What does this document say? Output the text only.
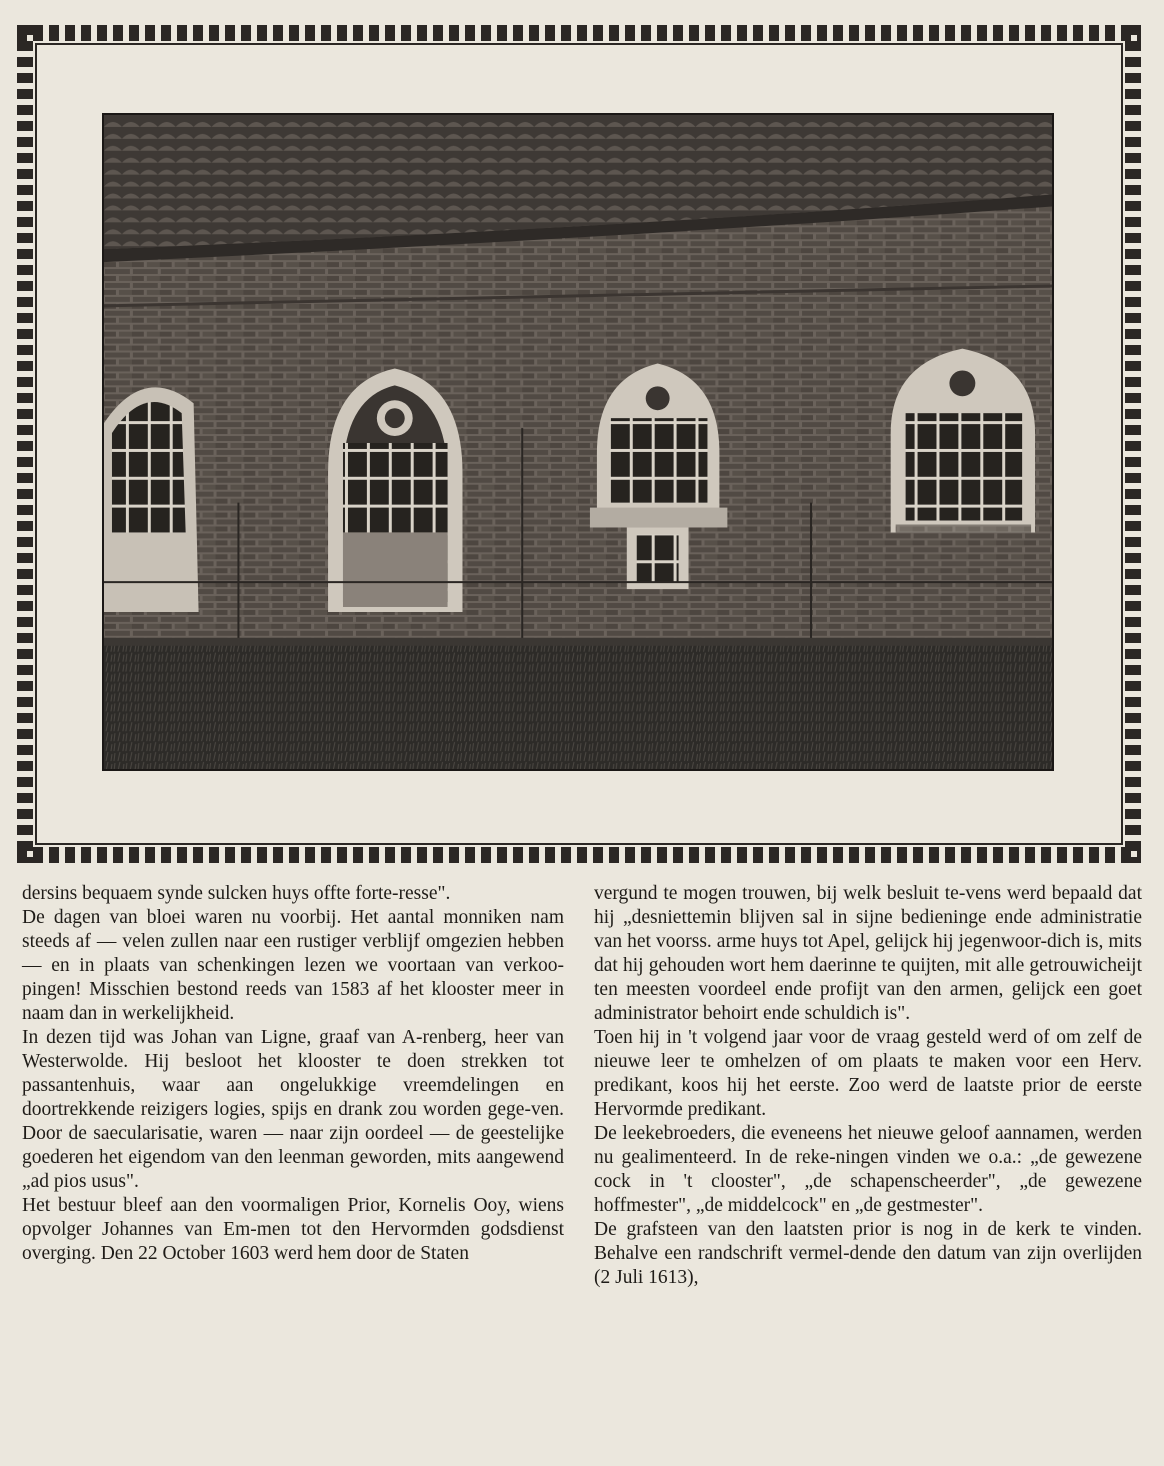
dersins bequaem synde sulcken huys offte forte-resse".

De dagen van bloei waren nu voorbij. Het aantal monniken nam steeds af — velen zullen naar een rustiger verblijf omgezien hebben — en in plaats van schenkingen lezen we voortaan van verkoo-pingen! Misschien bestond reeds van 1583 af het klooster meer in naam dan in werkelijkheid.

In dezen tijd was Johan van Ligne, graaf van A-renberg, heer van Westerwolde. Hij besloot het klooster te doen strekken tot passantenhuis, waar aan ongelukkige vreemdelingen en doortrekkende reizigers logies, spijs en drank zou worden gege-ven. Door de saecularisatie, waren — naar zijn oordeel — de geestelijke goederen het eigendom van den leenman geworden, mits aangewend „ad pios usus".

Het bestuur bleef aan den voormaligen Prior, Kornelis Ooy, wiens opvolger Johannes van Em-men tot den Hervormden godsdienst overging. Den 22 October 1603 werd hem door de Staten

vergund te mogen trouwen, bij welk besluit te-vens werd bepaald dat hij „desniettemin blijven sal in sijne bedieninge ende administratie van het voorss. arme huys tot Apel, gelijck hij jegenwoor-dich is, mits dat hij gehouden wort hem daerinne te quijten, mit alle getrouwicheijt ten meesten voordeel ende profijt van den armen, gelijck een goet administrator behoirt ende schuldich is".

Toen hij in 't volgend jaar voor de vraag gesteld werd of om zelf de nieuwe leer te omhelzen of om plaats te maken voor een Herv. predikant, koos hij het eerste. Zoo werd de laatste prior de eerste Hervormde predikant.

De leekebroeders, die eveneens het nieuwe geloof aannamen, werden nu gealimenteerd. In de reke-ningen vinden we o.a.: „de gewezene cock in 't clooster", „de schapenscheerder", „de gewezene hoffmester", „de middelcock" en „de gestmester".

De grafsteen van den laatsten prior is nog in de kerk te vinden. Behalve een randschrift vermel-dende den datum van zijn overlijden (2 Juli 1613),
